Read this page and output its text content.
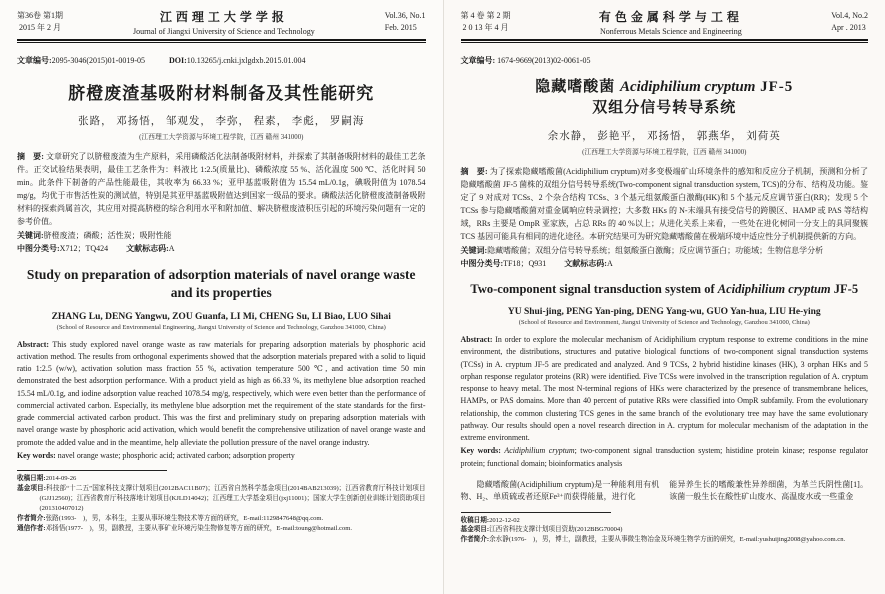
第36卷 第1期
2015 年 2 月
江西理工大学学报
Journal of Jiangxi University of Science and Technology
Vol.36, No.1
Feb. 2015
文章编号:2095-3046(2015)01-0019-05	DOI:10.13265/j.cnki.jxlgdxb.2015.01.004
脐橙废渣基吸附材料制备及其性能研究
张路， 邓扬悟， 邹观发， 李弥， 程素， 李彪， 罗嗣海
(江西理工大学资源与环境工程学院，江西 赣州 341000)

摘　要: 文章研究了以脐橙废渣为生产原料，采用磷酸活化法制备吸附材料，并探索了其制备吸附材料的最佳工艺条件。正交试验结果表明，最佳工艺条件为：料液比 1:2.5(质量比)、磷酸浓度 55 %、活化温度 500 ℃、活化时间 50 min。此条件下制备的产品性能最佳，其收率为 66.33 %；亚甲基蓝吸附值为 15.54 mL/0.1g，碘吸附值为 1078.54 mg/g，均优于市售活性炭的测试值，特别是其亚甲基蓝吸附值达到国家一级品的要求。磷酸法活化脐橙废渣制备吸附材料的探索尚属首次，其应用对提高脐橙的综合利用水平和附加值、解决脐橙废渣积压引起的环境污染问题有一定的参考价值。

关键词:脐橙废渣；磷酸；活性炭；吸附性能

中图分类号:X712；TQ424 文献标志码:A

Study on preparation of adsorption materials of navel orange waste and its properties
ZHANG Lu, DENG Yangwu, ZOU Guanfa, LI Mi, CHENG Su, LI Biao, LUO Sihai
(School of Resource and Environmental Engineering, Jiangxi University of Science and Technology, Ganzhou 341000, China)

Abstract: This study explored navel orange waste as raw materials for preparing adsorption materials by phosphoric acid activation method. The results from orthogonal experiments showed that the adsorption materials prepared with a solid to liquid ratio 1:2.5 (w/w), activation solution mass fraction 55 %, activation temperature 500 ℃, and activation time 50 min demonstrated the best adsorption performance. With a product yield as high as 66.33 %, its methylene blue adsorption reached 15.54 mL/0.1g, and iodine adsorption value reached 1078.54 mg/g, respectively, which were even better than the performance of commercial activated carbon. Especially, its methylene blue adsorption met the requirement of the state standards for the first-grade commercial activated carbon product. This was the first and preliminary study on preparing adsorption materials with navel orange waste by phosphoric acid activation, which would benefit the comprehensive utilization of navel orange waste and promote the added value and in the meantime, help alleviate the pollution pressure of the navel orange industry.

Key words: navel orange waste; phosphoric acid; activated carbon; adsorption property

收稿日期:2014-09-26

基金项目:科技部“十二五”国家科技支撑计划项目(2012BAC11B07)；江西省自然科学基金项目(2014BAB213039)；江西省教育厅科技计划项目(GJJ12560)；江西省教育厅科技落地计划项目(KJLD14042)；江西理工大学基金项目(jxj11001)；国家大学生创新创业训练计划资助项目(201310407012)

作者简介:张路(1993-　)，男，本科生，主要从事环境生物技术等方面的研究，E-mail:1129847648@qq.com.

通信作者:邓扬悟(1977-　)，男，副教授，主要从事矿业环境污染生物修复等方面的研究，E-mail:toung@hotmail.com.

第 4 卷 第 2 期
2 0 13 年 4 月
有色金属科学与工程
Nonferrous Metals Science and Engineering
Vol.4, No.2
Apr . 2013
文章编号: 1674-9669(2013)02-0061-05
隐藏嗜酸菌 Acidiphilium cryptum JF-5
双组分信号转导系统
余水静， 彭艳平， 邓扬悟， 郭燕华， 刘荷英
(江西理工大学资源与环境工程学院，江西 赣州 341000)

摘　要: 为了探索隐藏嗜酸菌(Acidiphilium cryptum)对多变极端矿山环境条件的感知和反应分子机制，预测和分析了隐藏嗜酸菌 JF-5 菌株的双组分信号转导系统(Two-component signal transduction system, TCS)的分布、结构及功能。鉴定了 9 对成对 TCSs、2 个杂合结构 TCSs、3 个基元组氨酸蛋白激酶(HK)和 5 个基元反应调节蛋白(RR)；发现 5 个 TCSs 参与隐藏嗜酸菌对重金属响应转录调控；大多数 HKs 的 N-末端具有接受信号的跨膜区、HAMP 或 PAS 等结构域，RRs 主要是 OmpR 亚家族，占总 RRs 的 40 %以上；从进化关系上来看，一些处在进化树同一分支上的具同聚簇 TCS 基因可能具有相同的进化途径。本研究结果可为研究隐藏嗜酸菌在极端环境中适应性分子机制提供新的方向。

关键词:隐藏嗜酸菌；双组分信号转导系统；组氨酸蛋白激酶；反应调节蛋白；功能域；生物信息学分析

中图分类号:TF18；Q931 文献标志码:A

Two-component signal transduction system of Acidiphilium cryptum JF-5
YU Shui-jing, PENG Yan-ping, DENG Yang-wu, GUO Yan-hua, LIU He-ying
(School of Resource and Environment, Jiangxi University of Science and Technology, Ganzhou 341000, China)

Abstract: In order to explore the molecular mechanism of Acidiphilium cryptum response to extreme conditions in the mine environment, the distributions, structures and putative biological functions of two-component signal transduction systems (TCSs) in A. cryptum JF-5 are predicated and analyzed. And 9 TCSs, 2 hybrid histidine kinases (HK), 3 orphan HKs and 5 orphan response regulator proteins (RR) were identified. Five TCSs were involved in the transcription regulation of A. cryptum response to heavy metal. The most N-terminal regions of HKs were characterized by the presence of transmembrane helices, HAMPs, or PAS domains. More than 40 percent of putative RRs were classified into OmpR subfamily. From the evolutionary relationship, the common clustering TCS genes in the same branch of the evolutionary tree may have the same evolutionary pathway. Our results should open a novel research direction in A. cryptum for molecular mechanism of the adaptation in the extreme environment.

Key words: Acidiphilium cryptum; two-component signal transduction system; histidine protein kinase; response regulator protein; functional domain; bioinformatics analysis

隐藏嗜酸菌(Acidiphilium cryptum)是一种能利用有机物、H₂、单质硫或者还原Fe³⁺而获得能量，进行化

能异养生长的嗜酸兼性异养细菌，为革兰氏阴性菌[1]。该菌一般生长在酸性矿山废水、高温废水或一些重金

收稿日期:2012-12-02

基金项目:江西省科技支撑计划项目资助(2012BBG70004)

作者简介:余水静(1976-　)，男，博士，副教授，主要从事微生物冶金及环境生物学方面的研究，E-mail:yushuijing2008@yahoo.com.cn.
